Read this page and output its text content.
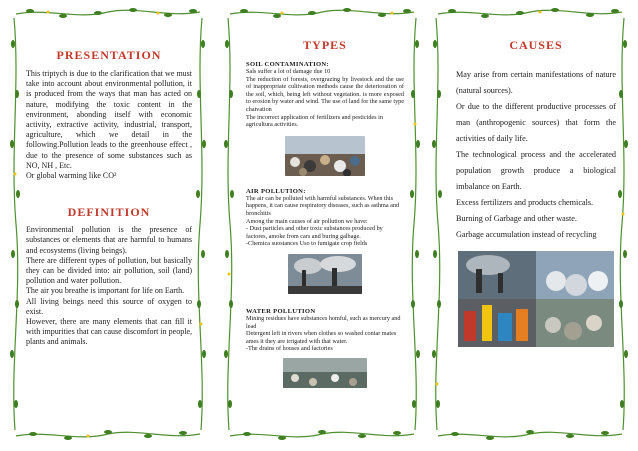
PRESENTATION

This triptych is due to the clarification that we must take into account about environmental pollution, it is produced from the ways that man has acted on nature, modifying the toxic content in the environment, abonding itself with economic activity, extractive activity, industrial, transport, agriculture, which we detail in the following.Pollution leads to the greenhouse effect , due to the presence of some substances such as NO, NH , Etc.

Or global warming like CO²

DEFINITION

Environmental pollution is the presence of substances or elements that are harmful to humans and ecosystems (living beings).

There are different types of pollution, but basically they can be divided into: air pollution, soil (land) pollution and water pollution.

The air you breathe is important for life on Earth.

All living beings need this source of oxygen to exist.

However, there are many elements that can fill it with impurities that can cause discomfort in people, plants and animals.

TYPES

SOIL CONTAMINATION:

Sals suffer a lot of damage due 10

The reduction of forests, overgrazing by livestock and the use of inappropriate cultivation methods cause the deterioration of the soil, which, being left without vegetation. is more exposed to erosion by water and wind. The use of land for the same type chatvation

The incorrect application of fertilizers and pesticides in agricultura activities.

AIR POLLUTION:

The air can be polluted with harmful substances. When this happens, it can cause respiratory diseases, such as asthma and bronchitis

Among the main causes of air pollution we have:

- Dust particles and other toxic substances produced by factores, amoke from cars and buring galbage.

-Chemica suostances Uso to fumigate crop fields

WATER POLLUTION

Mining residues have substances homful, such as mercury and lead

Detergent left in rivers when clothes so washed contar mates ames it they are irrigated with that water.

-The drains of houses and factories

CAUSES

May arise from certain manifestations of nature (natural sources).

Or due to the different productive processes of man (anthropogenic sources) that form the activities of daily life.

The technological process and the accelerated population growth produce a biological imbalance on Earth.

Excess fertilizers and products chemicals.

Burning of Garbage and other waste.

Garbage accumulation instead of recycling
